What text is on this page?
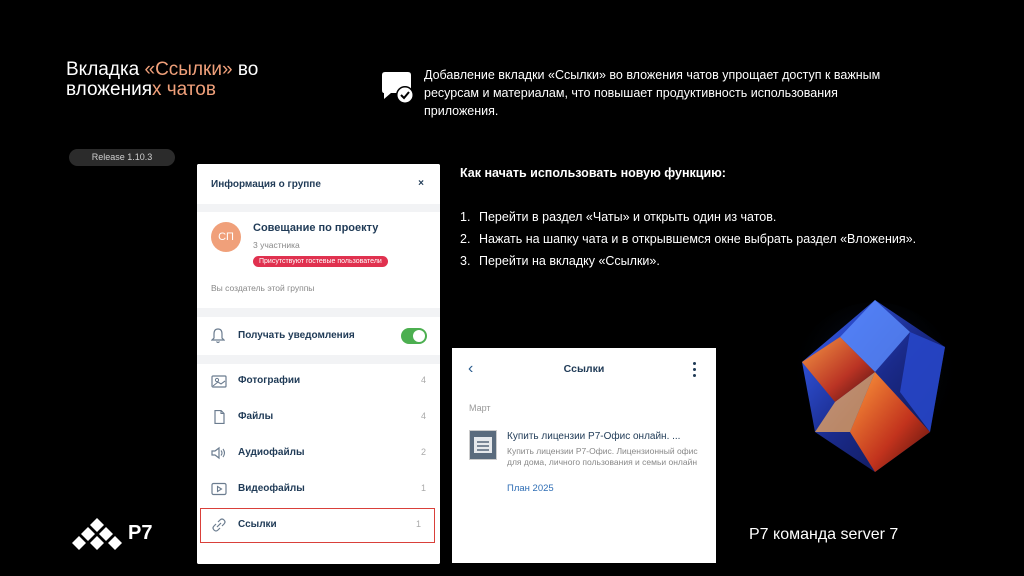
Вкладка «Ссылки» во
вложениях чатов
Release 1.10.3
Добавление вкладки «Ссылки» во вложения чатов упрощает доступ к важным ресурсам и материалам, что повышает продуктивность использования приложения.
Как начать использовать новую функцию:
1. Перейти в раздел «Чаты» и открыть один из чатов.
2. Нажать на шапку чата и в открывшемся окне выбрать раздел «Вложения».
3. Перейти на вкладку «Ссылки».
Информация о группе	×
СП
Совещание по проекту
3 участника
Присутствуют гостевые пользователи
Вы создатель этой группы
Получать уведомления
Фотографии	4
Файлы	4
Аудиофайлы	2
Видеофайлы	1
Ссылки	1
‹	Ссылки
Март
Купить лицензии Р7-Офис онлайн. ...
Купить лицензии Р7-Офис. Лицензионный офис для дома, личного пользования и семьи онлайн
План 2025
Р7	Р7 команда server 7
